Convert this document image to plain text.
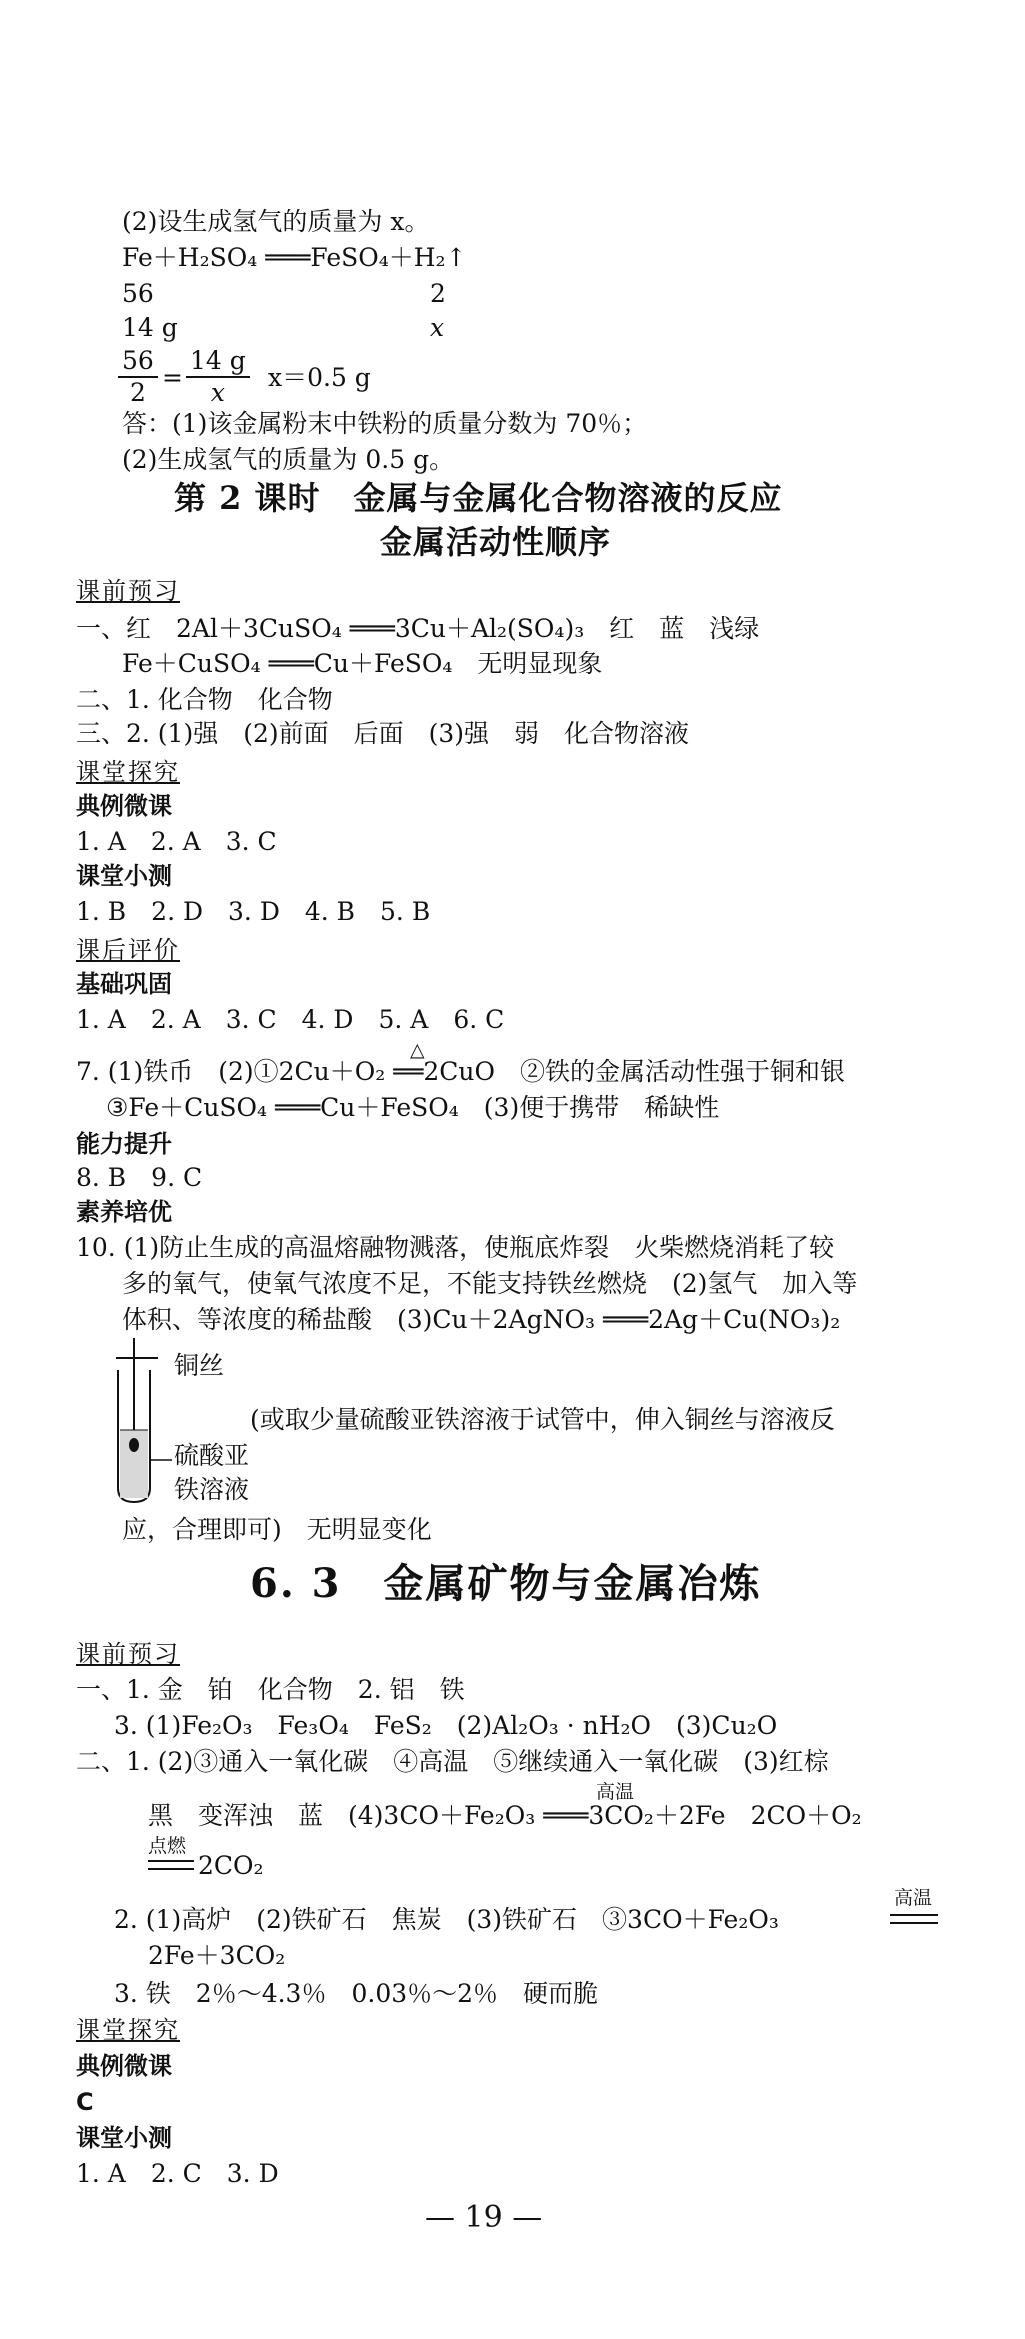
(2)设生成氢气的质量为 x。
Fe＋H₂SO₄ ═══FeSO₄＋H₂↑
56	2
14 g	x
$\frac{56}{2} = \frac{14 g}{x} x=0.5$ g
答：(1)该金属粉末中铁粉的质量分数为 70％；
(2)生成氢气的质量为 0.5 g。
第 2 课时　金属与金属化合物溶液的反应
金属活动性顺序
课前预习
一、红　2Al＋3CuSO₄ ═══3Cu＋Al₂(SO₄)₃　红　蓝　浅绿
Fe＋CuSO₄ ═══Cu＋FeSO₄　无明显现象
二、1. 化合物　化合物
三、2. (1)强　(2)前面　后面　(3)强　弱　化合物溶液
课堂探究
典例微课
1. A　2. A　3. C
课堂小测
1. B　2. D　3. D　4. B　5. B
课后评价
基础巩固
1. A　2. A　3. C　4. D　5. A　6. C
△
7. (1)铁币　(2)①2Cu＋O₂ ══2CuO　②铁的金属活动性强于铜和银
③Fe＋CuSO₄ ═══Cu＋FeSO₄　(3)便于携带　稀缺性
能力提升
8. B　9. C
素养培优
10. (1)防止生成的高温熔融物溅落，使瓶底炸裂　火柴燃烧消耗了较
多的氧气，使氧气浓度不足，不能支持铁丝燃烧　(2)氢气　加入等
体积、等浓度的稀盐酸　(3)Cu＋2AgNO₃ ═══2Ag＋Cu(NO₃)₂
铜丝
硫酸亚
铁溶液
(或取少量硫酸亚铁溶液于试管中，伸入铜丝与溶液反
应，合理即可)　无明显变化
6. 3　金属矿物与金属冶炼
课前预习
一、1. 金　铂　化合物　2. 铝　铁
3. (1)Fe₂O₃　Fe₃O₄　FeS₂　(2)Al₂O₃ · nH₂O　(3)Cu₂O
二、1. (2)③通入一氧化碳　④高温　⑤继续通入一氧化碳　(3)红棕
高温
黑　变浑浊　蓝　(4)3CO＋Fe₂O₃ ═══3CO₂＋2Fe　2CO＋O₂
点燃
2CO₂
2. (1)高炉　(2)铁矿石　焦炭　(3)铁矿石　③3CO＋Fe₂O₃
高温
2Fe＋3CO₂
3. 铁　2％～4.3％　0.03％～2％　硬而脆
课堂探究
典例微课
C
课堂小测
1. A　2. C　3. D
— 19 —
